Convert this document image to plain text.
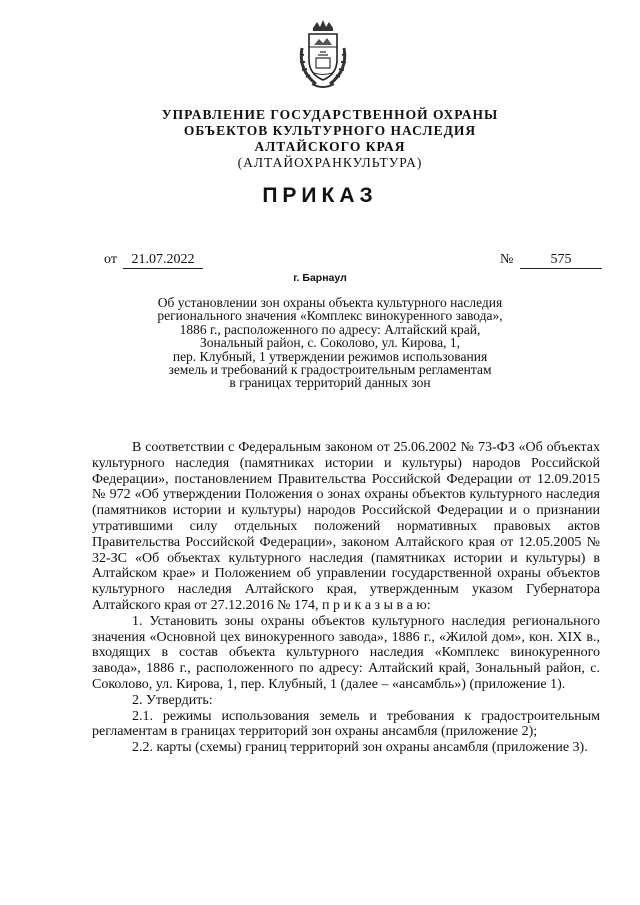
УПРАВЛЕНИЕ ГОСУДАРСТВЕННОЙ ОХРАНЫ
ОБЪЕКТОВ КУЛЬТУРНОГО НАСЛЕДИЯ
АЛТАЙСКОГО КРАЯ
(АЛТАЙОХРАНКУЛЬТУРА)
ПРИКАЗ
от	21.07.2022	№	575
г. Барнаул
Об установлении зон охраны объекта культурного наследия
регионального значения «Комплекс винокуренного завода»,
1886 г., расположенного по адресу: Алтайский край,
Зональный район, с. Соколово, ул. Кирова, 1,
пер. Клубный, 1 утверждении режимов использования
земель и требований к градостроительным регламентам
в границах территорий данных зон

В соответствии с Федеральным законом от 25.06.2002 № 73-ФЗ «Об объектах культурного наследия (памятниках истории и культуры) народов Российской Федерации», постановлением Правительства Российской Федерации от 12.09.2015 № 972 «Об утверждении Положения о зонах охраны объектов культурного наследия (памятников истории и культуры) народов Российской Федерации и о признании утратившими силу отдельных положений нормативных правовых актов Правительства Российской Федерации», законом Алтайского края от 12.05.2005 № 32-ЗС «Об объектах культурного наследия (памятниках истории и культуры) в Алтайском крае» и Положением об управлении государственной охраны объектов культурного наследия Алтайского края, утвержденным указом Губернатора Алтайского края от 27.12.2016 № 174, п р и к а з ы в а ю:

1. Установить зоны охраны объектов культурного наследия регионального значения «Основной цех винокуренного завода», 1886 г., «Жилой дом», кон. XIX в., входящих в состав объекта культурного наследия «Комплекс винокуренного завода», 1886 г., расположенного по адресу: Алтайский край, Зональный район, с. Соколово, ул. Кирова, 1, пер. Клубный, 1 (далее – «ансамбль») (приложение 1).

2. Утвердить:

2.1. режимы использования земель и требования к градостроительным регламентам в границах территорий зон охраны ансамбля (приложение 2);

2.2. карты (схемы) границ территорий зон охраны ансамбля (приложение 3).
